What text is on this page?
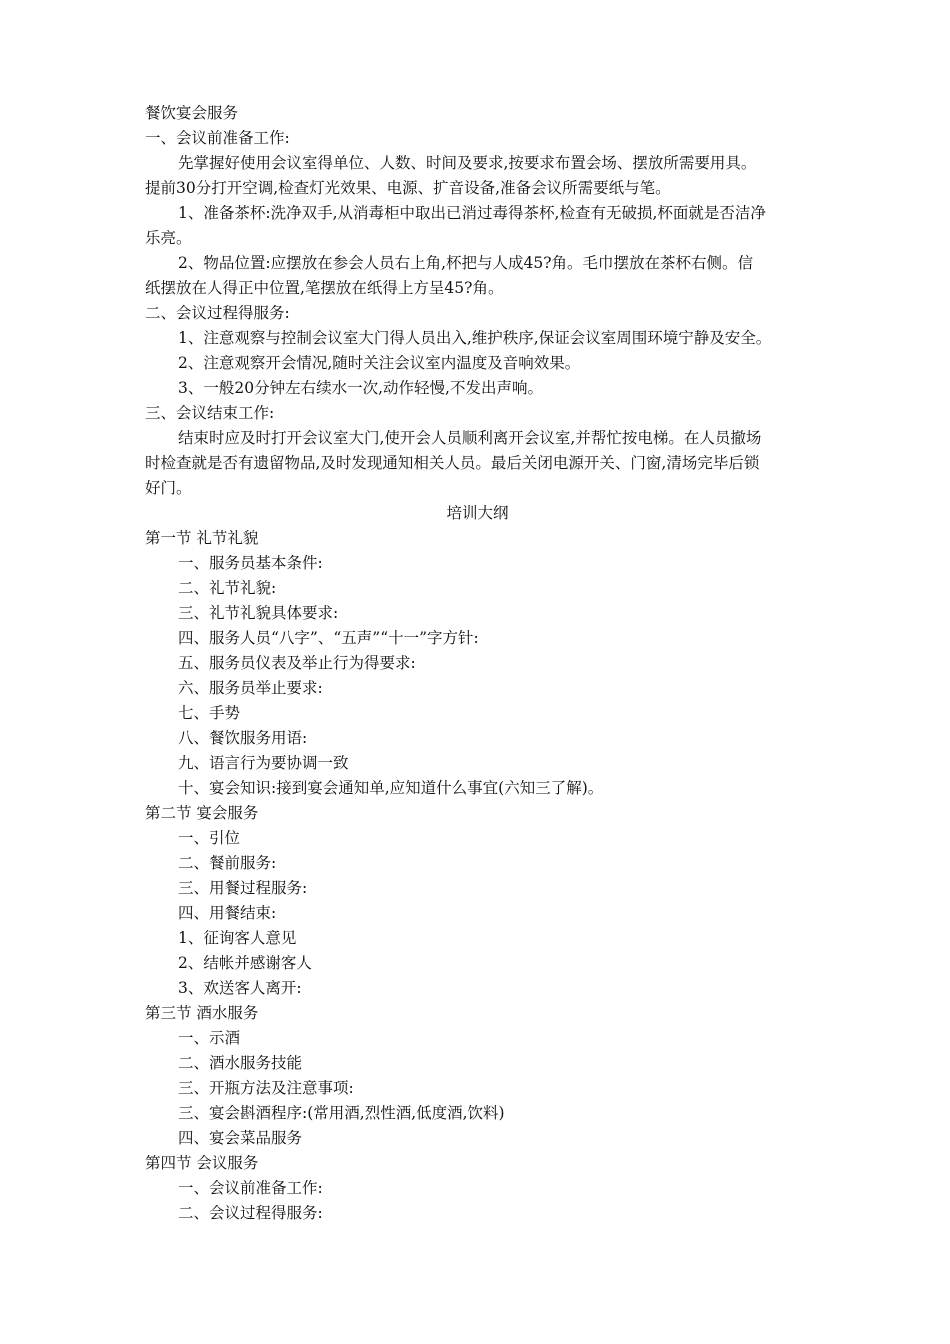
餐饮宴会服务
一、会议前准备工作:
先掌握好使用会议室得单位、人数、时间及要求,按要求布置会场、摆放所需要用具。
提前30分打开空调,检查灯光效果、电源、扩音设备,准备会议所需要纸与笔。
1、准备茶杯:洗净双手,从消毒柜中取出已消过毒得茶杯,检查有无破损,杯面就是否洁净
乐亮。
2、物品位置:应摆放在参会人员右上角,杯把与人成45?角。毛巾摆放在茶杯右侧。信
纸摆放在人得正中位置,笔摆放在纸得上方呈45?角。
二、会议过程得服务:
1、注意观察与控制会议室大门得人员出入,维护秩序,保证会议室周围环境宁静及安全。
2、注意观察开会情况,随时关注会议室内温度及音响效果。
3、一般20分钟左右续水一次,动作轻慢,不发出声响。
三、会议结束工作:
结束时应及时打开会议室大门,使开会人员顺利离开会议室,并帮忙按电梯。在人员撤场
时检查就是否有遗留物品,及时发现通知相关人员。最后关闭电源开关、门窗,清场完毕后锁
好门。
培训大纲
第一节 礼节礼貌
一、服务员基本条件:
二、礼节礼貌:
三、礼节礼貌具体要求:
四、服务人员“八字”、“五声”“十一”字方针:
五、服务员仪表及举止行为得要求:
六、服务员举止要求:
七、手势
八、餐饮服务用语:
九、语言行为要协调一致
十、宴会知识:接到宴会通知单,应知道什么事宜(六知三了解)。
第二节 宴会服务
一、引位
二、餐前服务:
三、用餐过程服务:
四、用餐结束:
1、征询客人意见
2、结帐并感谢客人
3、欢送客人离开:
第三节 酒水服务
一、示酒
二、酒水服务技能
三、开瓶方法及注意事项:
三、宴会斟酒程序:(常用酒,烈性酒,低度酒,饮料)
四、宴会菜品服务
第四节 会议服务
一、会议前准备工作:
二、会议过程得服务:
